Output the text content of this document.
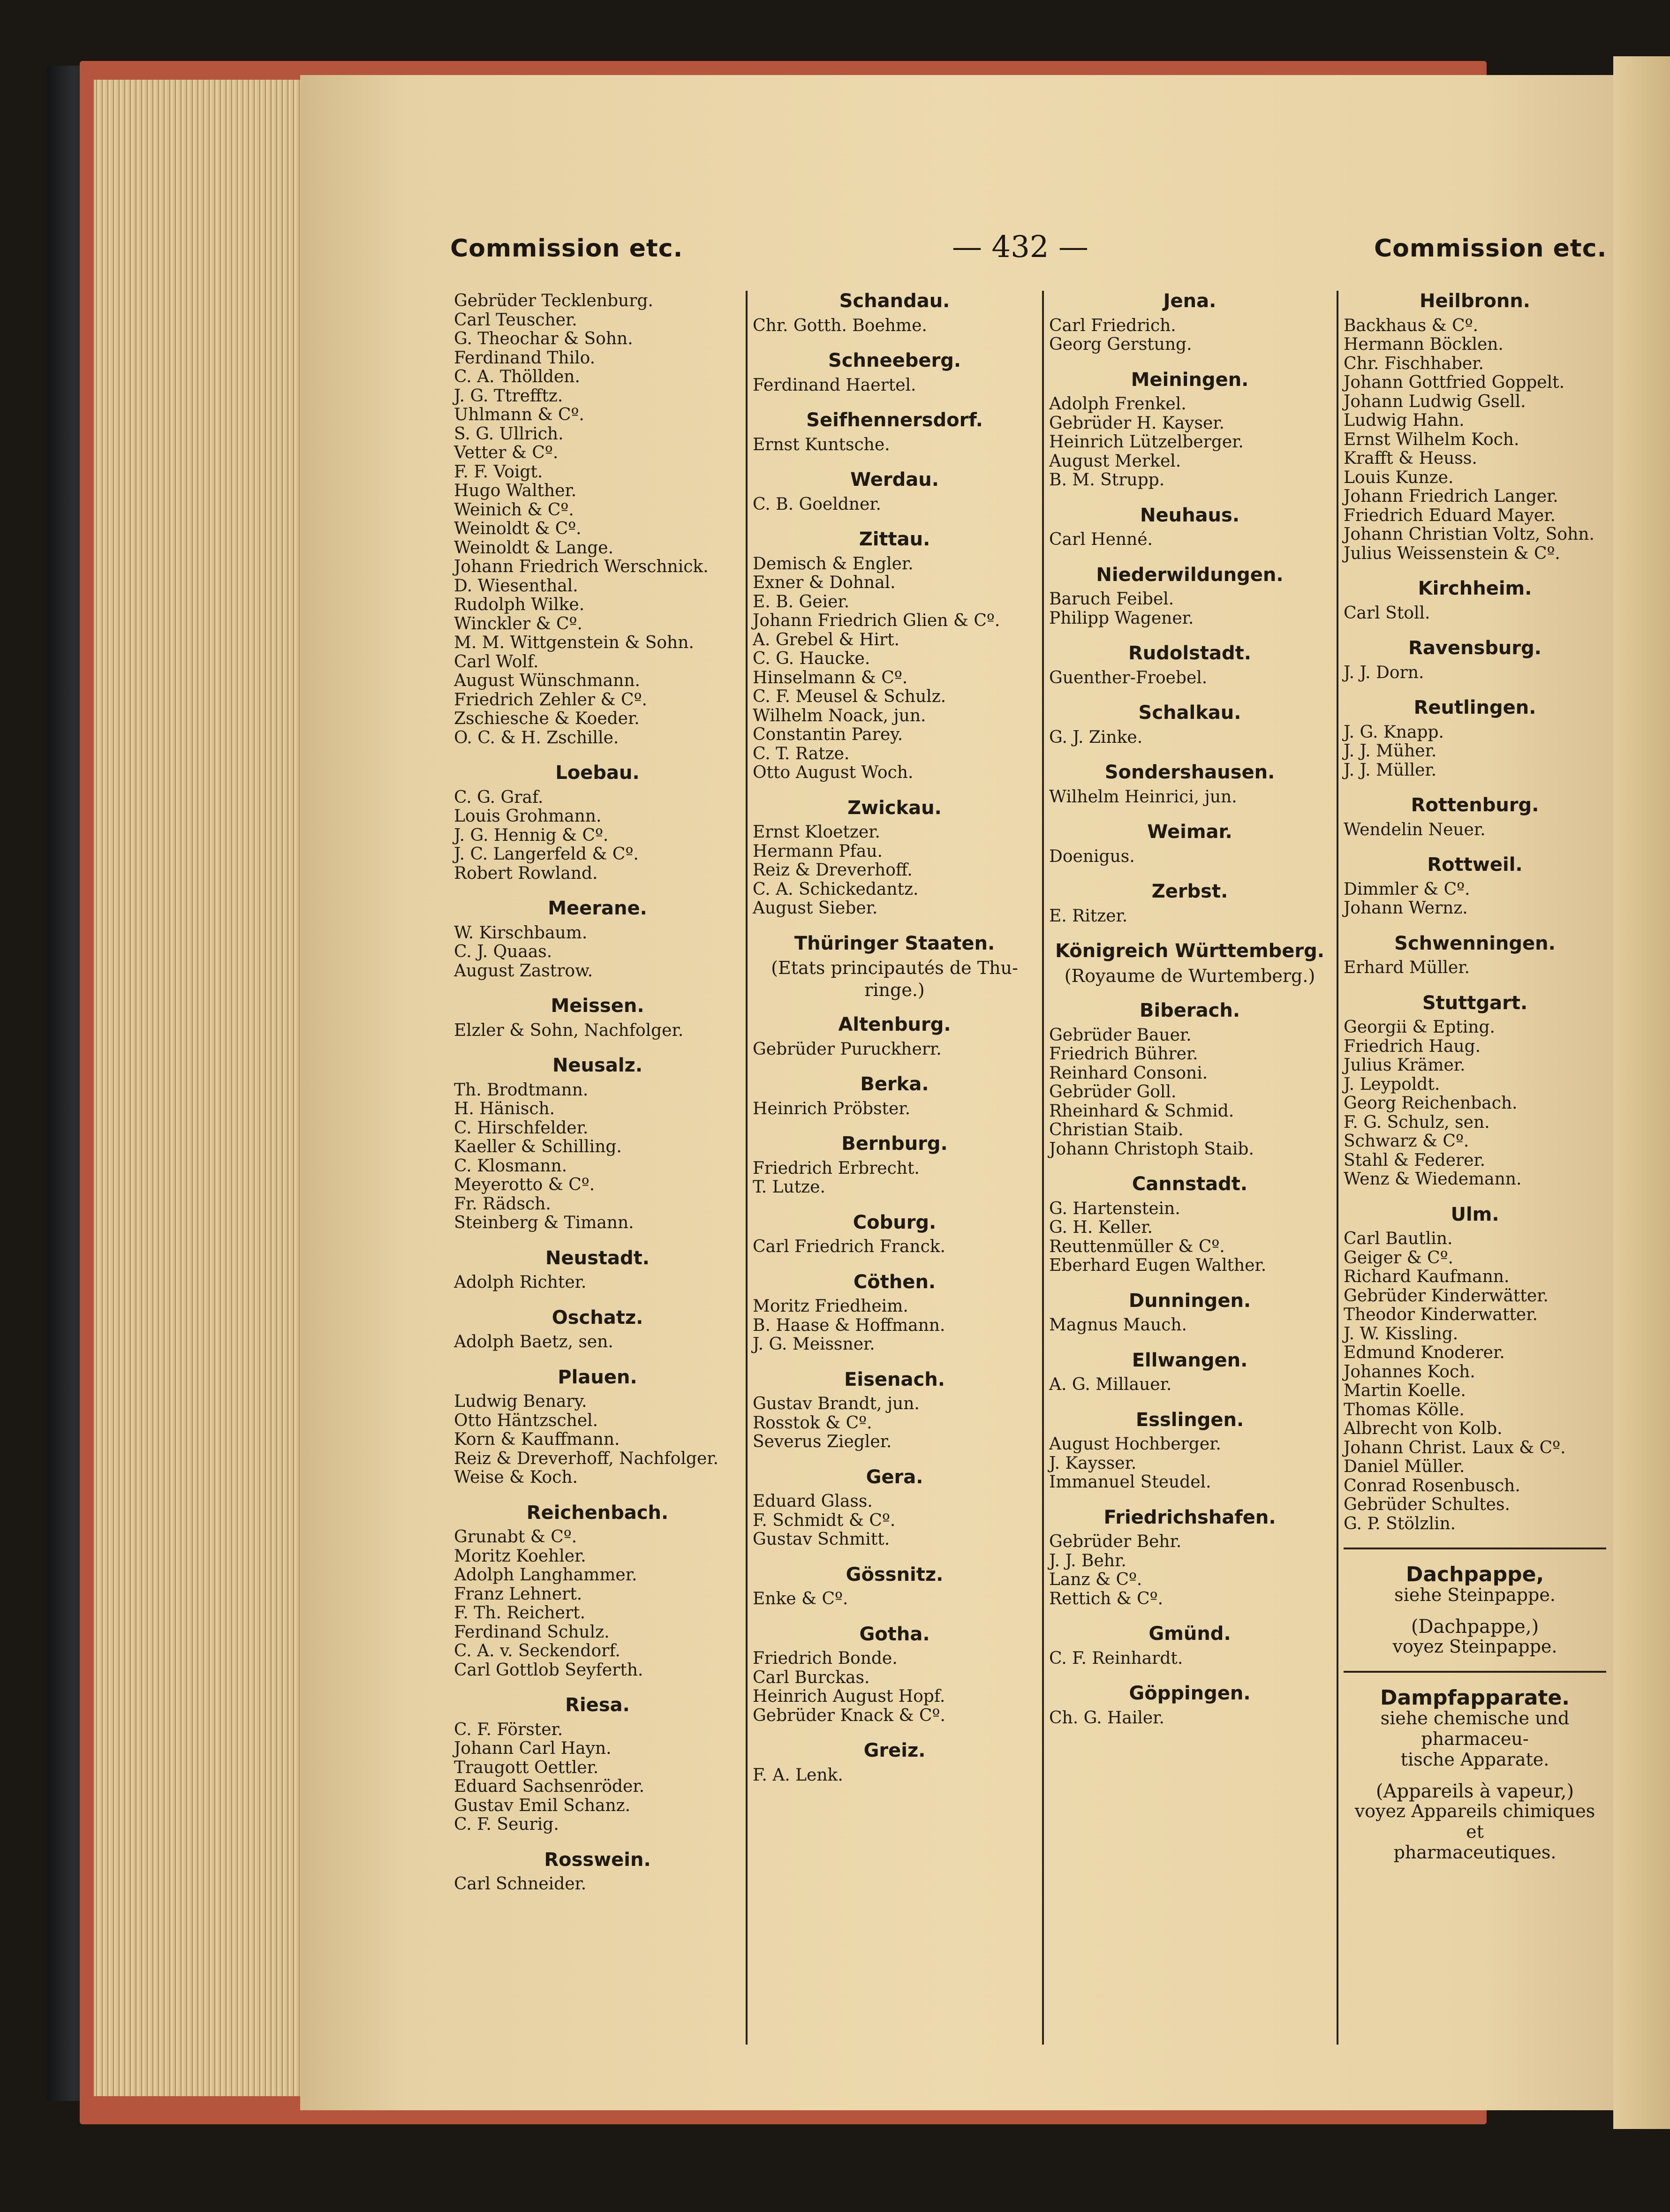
Commission etc.	— 432 —	Commission etc.
Gebrüder Tecklenburg.
Carl Teuscher.
G. Theochar & Sohn.
Ferdinand Thilo.
C. A. Thöllden.
J. G. Ttrefftz.
Uhlmann & Cº.
S. G. Ullrich.
Vetter & Cº.
F. F. Voigt.
Hugo Walther.
Weinich & Cº.
Weinoldt & Cº.
Weinoldt & Lange.
Johann Friedrich Werschnick.
D. Wiesenthal.
Rudolph Wilke.
Winckler & Cº.
M. M. Wittgenstein & Sohn.
Carl Wolf.
August Wünschmann.
Friedrich Zehler & Cº.
Zschiesche & Koeder.
O. C. & H. Zschille.
Loebau.
C. G. Graf.
Louis Grohmann.
J. G. Hennig & Cº.
J. C. Langerfeld & Cº.
Robert Rowland.
Meerane.
W. Kirschbaum.
C. J. Quaas.
August Zastrow.
Meissen.
Elzler & Sohn, Nachfolger.
Neusalz.
Th. Brodtmann.
H. Hänisch.
C. Hirschfelder.
Kaeller & Schilling.
C. Klosmann.
Meyerotto & Cº.
Fr. Rädsch.
Steinberg & Timann.
Neustadt.
Adolph Richter.
Oschatz.
Adolph Baetz, sen.
Plauen.
Ludwig Benary.
Otto Häntzschel.
Korn & Kauffmann.
Reiz & Dreverhoff, Nachfolger.
Weise & Koch.
Reichenbach.
Grunabt & Cº.
Moritz Koehler.
Adolph Langhammer.
Franz Lehnert.
F. Th. Reichert.
Ferdinand Schulz.
C. A. v. Seckendorf.
Carl Gottlob Seyferth.
Riesa.
C. F. Förster.
Johann Carl Hayn.
Traugott Oettler.
Eduard Sachsenröder.
Gustav Emil Schanz.
C. F. Seurig.
Rosswein.
Carl Schneider.
Schandau.
Chr. Gotth. Boehme.
Schneeberg.
Ferdinand Haertel.
Seifhennersdorf.
Ernst Kuntsche.
Werdau.
C. B. Goeldner.
Zittau.
Demisch & Engler.
Exner & Dohnal.
E. B. Geier.
Johann Friedrich Glien & Cº.
A. Grebel & Hirt.
C. G. Haucke.
Hinselmann & Cº.
C. F. Meusel & Schulz.
Wilhelm Noack, jun.
Constantin Parey.
C. T. Ratze.
Otto August Woch.
Zwickau.
Ernst Kloetzer.
Hermann Pfau.
Reiz & Dreverhoff.
C. A. Schickedantz.
August Sieber.
Thüringer Staaten.
(Etats principautés de Thu-
ringe.)
Altenburg.
Gebrüder Puruckherr.
Berka.
Heinrich Pröbster.
Bernburg.
Friedrich Erbrecht.
T. Lutze.
Coburg.
Carl Friedrich Franck.
Cöthen.
Moritz Friedheim.
B. Haase & Hoffmann.
J. G. Meissner.
Eisenach.
Gustav Brandt, jun.
Rosstok & Cº.
Severus Ziegler.
Gera.
Eduard Glass.
F. Schmidt & Cº.
Gustav Schmitt.
Gössnitz.
Enke & Cº.
Gotha.
Friedrich Bonde.
Carl Burckas.
Heinrich August Hopf.
Gebrüder Knack & Cº.
Greiz.
F. A. Lenk.
Jena.
Carl Friedrich.
Georg Gerstung.
Meiningen.
Adolph Frenkel.
Gebrüder H. Kayser.
Heinrich Lützelberger.
August Merkel.
B. M. Strupp.
Neuhaus.
Carl Henné.
Niederwildungen.
Baruch Feibel.
Philipp Wagener.
Rudolstadt.
Guenther-Froebel.
Schalkau.
G. J. Zinke.
Sondershausen.
Wilhelm Heinrici, jun.
Weimar.
Doenigus.
Zerbst.
E. Ritzer.
Königreich Württemberg.
(Royaume de Wurtemberg.)
Biberach.
Gebrüder Bauer.
Friedrich Bührer.
Reinhard Consoni.
Gebrüder Goll.
Rheinhard & Schmid.
Christian Staib.
Johann Christoph Staib.
Cannstadt.
G. Hartenstein.
G. H. Keller.
Reuttenmüller & Cº.
Eberhard Eugen Walther.
Dunningen.
Magnus Mauch.
Ellwangen.
A. G. Millauer.
Esslingen.
August Hochberger.
J. Kaysser.
Immanuel Steudel.
Friedrichshafen.
Gebrüder Behr.
J. J. Behr.
Lanz & Cº.
Rettich & Cº.
Gmünd.
C. F. Reinhardt.
Göppingen.
Ch. G. Hailer.
Heilbronn.
Backhaus & Cº.
Hermann Böcklen.
Chr. Fischhaber.
Johann Gottfried Goppelt.
Johann Ludwig Gsell.
Ludwig Hahn.
Ernst Wilhelm Koch.
Krafft & Heuss.
Louis Kunze.
Johann Friedrich Langer.
Friedrich Eduard Mayer.
Johann Christian Voltz, Sohn.
Julius Weissenstein & Cº.
Kirchheim.
Carl Stoll.
Ravensburg.
J. J. Dorn.
Reutlingen.
J. G. Knapp.
J. J. Müher.
J. J. Müller.
Rottenburg.
Wendelin Neuer.
Rottweil.
Dimmler & Cº.
Johann Wernz.
Schwenningen.
Erhard Müller.
Stuttgart.
Georgii & Epting.
Friedrich Haug.
Julius Krämer.
J. Leypoldt.
Georg Reichenbach.
F. G. Schulz, sen.
Schwarz & Cº.
Stahl & Federer.
Wenz & Wiedemann.
Ulm.
Carl Bautlin.
Geiger & Cº.
Richard Kaufmann.
Gebrüder Kinderwätter.
Theodor Kinderwatter.
J. W. Kissling.
Edmund Knoderer.
Johannes Koch.
Martin Koelle.
Thomas Kölle.
Albrecht von Kolb.
Johann Christ. Laux & Cº.
Daniel Müller.
Conrad Rosenbusch.
Gebrüder Schultes.
G. P. Stölzlin.
Dachpappe,
siehe Steinpappe.
(Dachpappe,)
voyez Steinpappe.
Dampfapparate.
siehe chemische und pharmaceu-
tische Apparate.
(Appareils à vapeur,)
voyez Appareils chimiques et
pharmaceutiques.
